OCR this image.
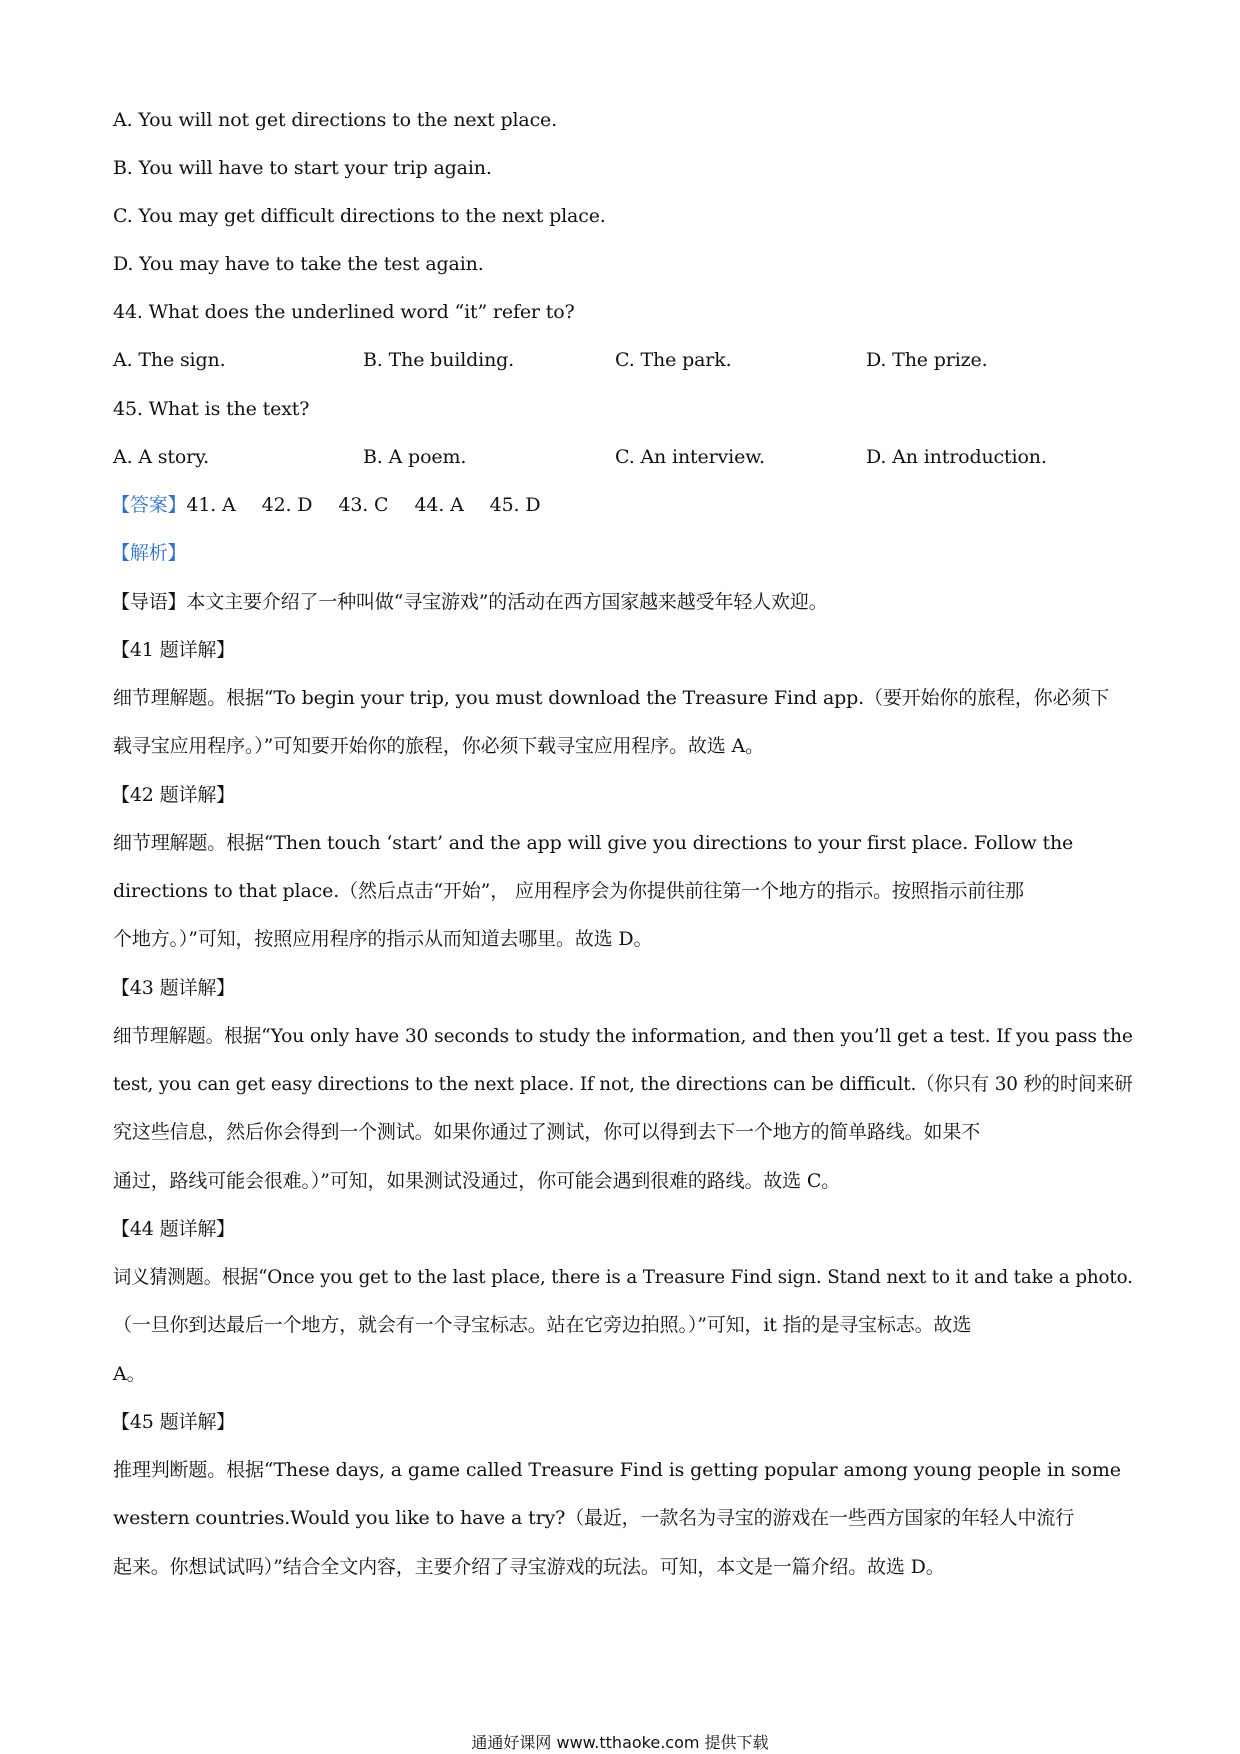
A. You will not get directions to the next place.
B. You will have to start your trip again.
C. You may get difficult directions to the next place.
D. You may have to take the test again.
44. What does the underlined word “it” refer to?
A. The sign.	B. The building.	C. The park.	D. The prize.
45. What is the text?
A. A story.	B. A poem.	C. An interview.	D. An introduction.
【答案】41. A 42. D 43. C 44. A 45. D
【解析】
【导语】本文主要介绍了一种叫做“寻宝游戏”的活动在西方国家越来越受年轻人欢迎。
【41 题详解】
细节理解题。根据“To begin your trip, you must download the Treasure Find app.（要开始你的旅程，你必须下
载寻宝应用程序。）”可知要开始你的旅程，你必须下载寻宝应用程序。故选 A。
【42 题详解】
细节理解题。根据“Then touch ‘start’ and the app will give you directions to your first place. Follow the
directions to that place.（然后点击“开始”， 应用程序会为你提供前往第一个地方的指示。按照指示前往那
个地方。）”可知，按照应用程序的指示从而知道去哪里。故选 D。
【43 题详解】
细节理解题。根据“You only have 30 seconds to study the information, and then you’ll get a test. If you pass the
test, you can get easy directions to the next place. If not, the directions can be difficult.（你只有 30 秒的时间来研
究这些信息，然后你会得到一个测试。如果你通过了测试，你可以得到去下一个地方的简单路线。如果不
通过，路线可能会很难。）”可知，如果测试没通过，你可能会遇到很难的路线。故选 C。
【44 题详解】
词义猜测题。根据“Once you get to the last place, there is a Treasure Find sign. Stand next to it and take a photo.
（一旦你到达最后一个地方，就会有一个寻宝标志。站在它旁边拍照。）”可知，it 指的是寻宝标志。故选
A。
【45 题详解】
推理判断题。根据“These days, a game called Treasure Find is getting popular among young people in some
western countries.Would you like to have a try?（最近，一款名为寻宝的游戏在一些西方国家的年轻人中流行
起来。你想试试吗）”结合全文内容，主要介绍了寻宝游戏的玩法。可知，本文是一篇介绍。故选 D。
通通好课网 www.tthaoke.com 提供下载
